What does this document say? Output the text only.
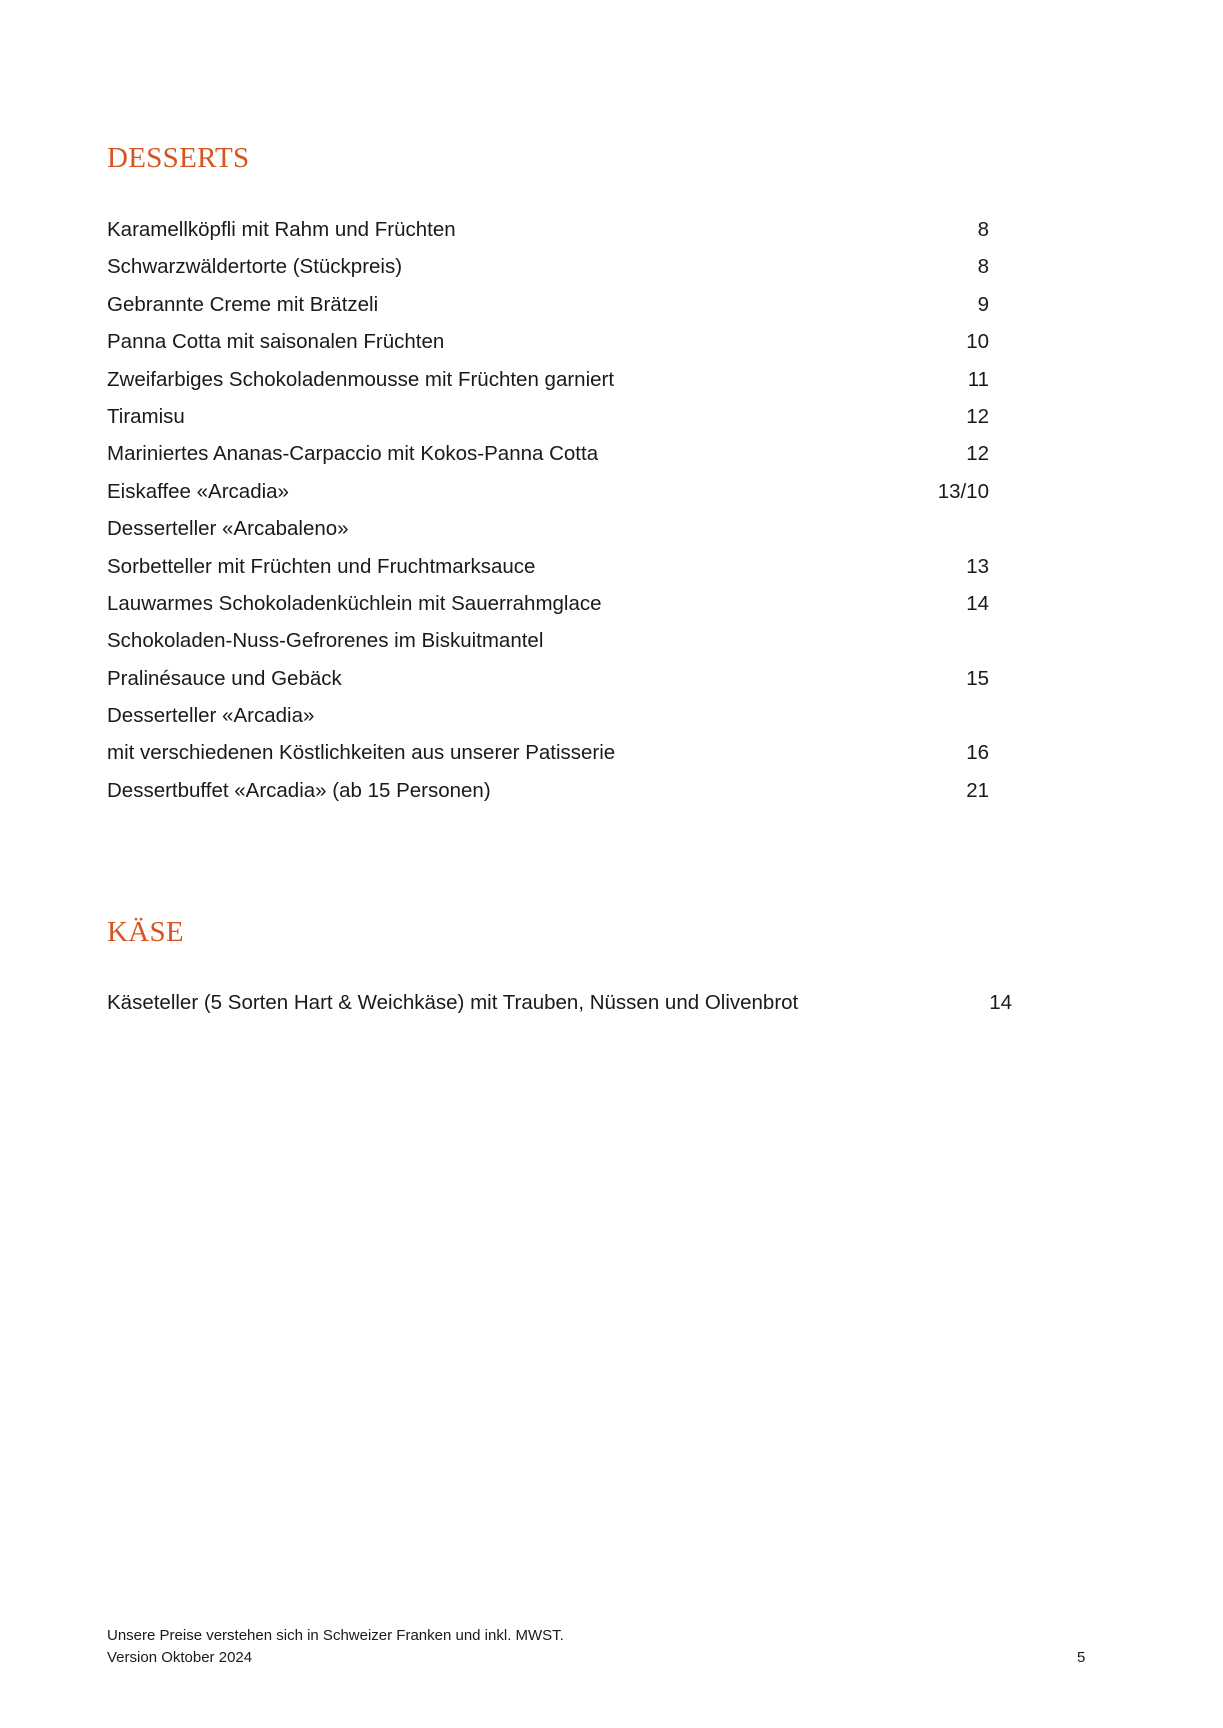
DESSERTS
Karamellköpfli mit Rahm und Früchten	8
Schwarzwäldertorte (Stückpreis)	8
Gebrannte Creme mit Brätzeli	9
Panna Cotta mit saisonalen Früchten	10
Zweifarbiges Schokoladenmousse mit Früchten garniert	11
Tiramisu	12
Mariniertes Ananas-Carpaccio mit Kokos-Panna Cotta	12
Eiskaffee «Arcadia»	13/10
Desserteller «Arcabaleno»
Sorbetteller mit Früchten und Fruchtmarksauce	13
Lauwarmes Schokoladenküchlein mit Sauerrahmglace	14
Schokoladen-Nuss-Gefrorenes im Biskuitmantel
Pralinésauce und Gebäck	15
Desserteller «Arcadia»
mit verschiedenen Köstlichkeiten aus unserer Patisserie	16
Dessertbuffet «Arcadia» (ab 15 Personen)	21
KÄSE
Käseteller (5 Sorten Hart & Weichkäse) mit Trauben, Nüssen und Olivenbrot	14
Unsere Preise verstehen sich in Schweizer Franken und inkl. MWST.
Version Oktober 2024	5
